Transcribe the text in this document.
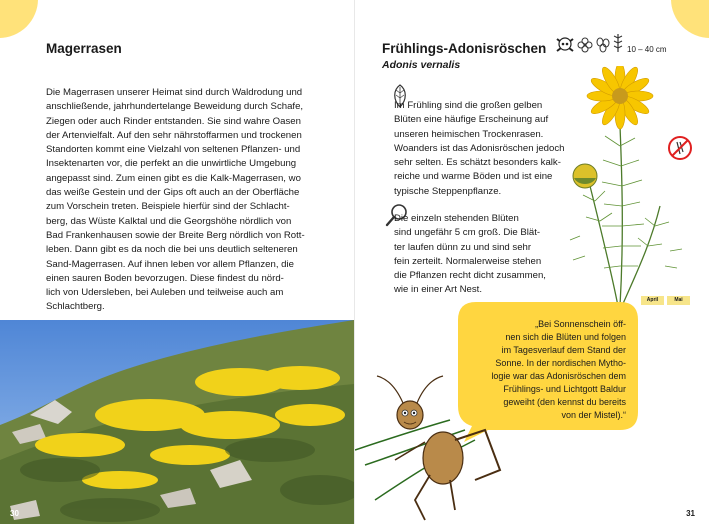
Magerrasen
Die Magerrasen unserer Heimat sind durch Waldrodung und
anschließende, jahrhundertelange Beweidung durch Schafe,
Ziegen oder auch Rinder entstanden. Sie sind wahre Oasen
der Artenvielfalt. Auf den sehr nährstoffarmen und trockenen
Standorten kommt eine Vielzahl von seltenen Pflanzen- und
Insektenarten vor, die perfekt an die unwirtliche Umgebung
angepasst sind. Zum einen gibt es die Kalk-Magerrasen, wo
das weiße Gestein und der Gips oft auch an der Oberfläche
zum Vorschein treten. Beispiele hierfür sind der Schlacht-
berg, das Wüste Kalktal und die Georgshöhe nördlich von
Bad Frankenhausen sowie der Breite Berg nördlich von Rott-
leben. Dann gibt es da noch die bei uns deutlich selteneren
Sand-Magerrasen. Auf ihnen leben vor allem Pflanzen, die
einen sauren Boden bevorzugen. Diese findest du nörd-
lich von Udersleben, bei Auleben und teilweise auch am
Schlachtberg.
30
Frühlings-Adonisröschen
Adonis vernalis
10 – 40 cm
Im Frühling sind die großen gelben
Blüten eine häufige Erscheinung auf
unseren heimischen Trockenrasen.
Woanders ist das Adonisröschen jedoch
sehr selten. Es schätzt besonders kalk-
reiche und warme Böden und ist eine
typische Steppenpflanze.
Die einzeln stehenden Blüten
sind ungefähr 5 cm groß. Die Blät-
ter laufen dünn zu und sind sehr
fein zerteilt. Normalerweise stehen
die Pflanzen recht dicht zusammen,
wie in einer Art Nest.
April	Mai
„Bei Sonnenschein öff-
nen sich die Blüten und folgen
im Tagesverlauf dem Stand der
Sonne. In der nordischen Mytho-
logie war das Adonisröschen dem
Frühlings- und Lichtgott Baldur
geweiht (den kennst du bereits
von der Mistel).“
31
